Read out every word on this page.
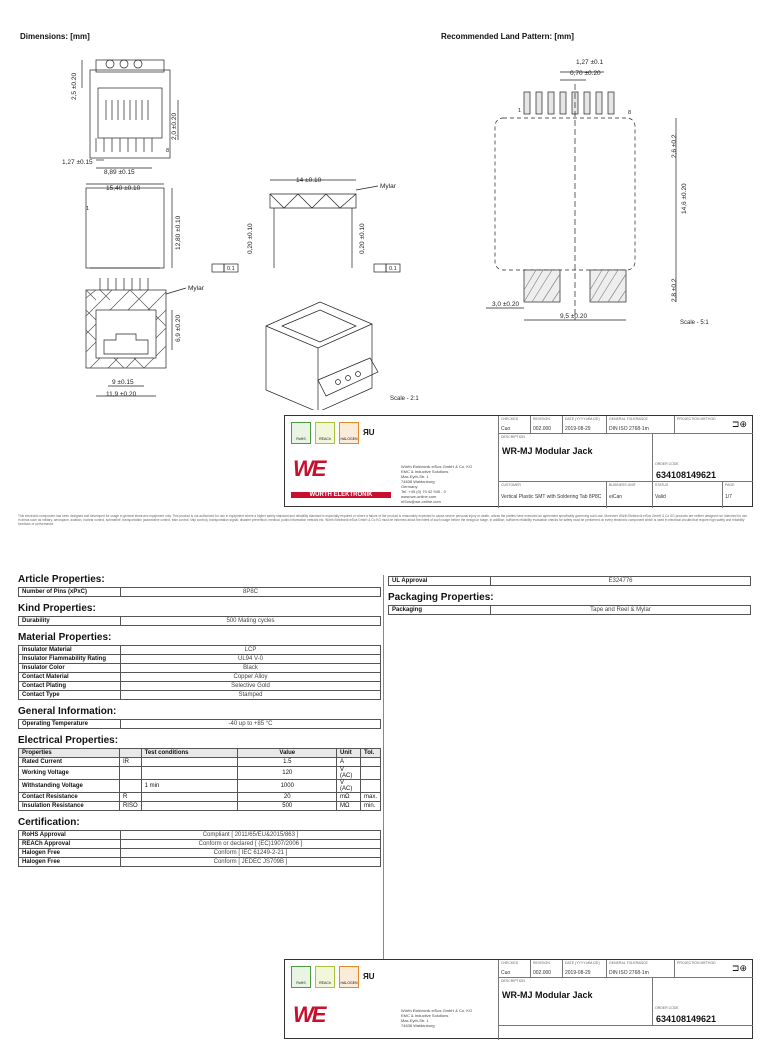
Dimensions: [mm]	Recommended Land Pattern: [mm]
2,5 ±0.20
2,0 ±0.20
1,27 ±0.15
8,89 ±0.15
1
8
15,40 ±0.10
12,80 ±0.10
14 ±0.10
0,20 ±0.10	0,20 ±0.10
0.1	0.1
Mylar
Mylar
6,9 ±0.20
9 ±0.15
11,9 ±0.20
Scale - 2:1
1,27 ±0.1
0,70 ±0.20
1	8
2,6 ±0.2
14,6 ±0.20
2,8 ±0.2
3,0 ±0.20
9,5 ±0.20
Scale - 5:1
RoHS	REACh	HALOGEN
ЯU
WE
WÜRTH ELEKTRONIK
Würth Elektronik eiSos GmbH & Co. KG
EMC & Inductive Solutions
Max-Eyth-Str. 1
74638 Waldenburg
Germany
Tel. +49 (0) 79 42 945 - 0
www.we-online.com
eiSos@we-online.com
CHECKED
Cuo
REVISION
002.000
DATE (YYYY-MM-DD)
2019-08-29
GENERAL TOLERANCE
DIN ISO 2768-1m
PROJECTION METHOD ⊐⊕
DESCRIPTION
WR-MJ Modular Jack
ORDER CODE
634108149621
CUSTOMER
Vertical Plastic SMT with Soldering Tab 8P8C
BUSINESS UNIT
eiCan
STATUS
Valid
PAGE
1/7
This electronic component has been designed and developed for usage in general electronic equipment only. This product is not authorized for use in equipment where a higher safety standard and reliability standard is especially required or where a failure of the product is reasonably expected to cause severe personal injury or death, unless the parties have executed an agreement specifically governing such use. Moreover Würth Elektronik eiSos GmbH & Co KG products are neither designed nor intended for use in areas such as military, aerospace, aviation, nuclear control, submarine, transportation (automotive control, train control, ship control), transportation signal, disaster prevention, medical, public information network etc. Würth Elektronik eiSos GmbH & Co KG must be informed about the intent of such usage before the design-in stage. In addition, sufficient reliability evaluation checks for safety must be performed on every electronic component which is used in electrical circuits that require high safety and reliability functions or performance.
Article Properties:
Number of Pins (xPxC)	8P8C
Kind Properties:
Durability	500 Mating cycles
Material Properties:
Insulator Material	LCP
Insulator Flammability Rating	UL94 V-0
Insulator Color	Black
Contact Material	Copper Alloy
Contact Plating	Selective Gold
Contact Type	Stamped
General Information:
Operating Temperature	-40 up to +85 °C
Electrical Properties:
Properties		Test conditions	Value	Unit	Tol.
Rated Current	IR		1.5	A	
Working Voltage			120	V (AC)	
Withstanding Voltage		1 min	1000	V (AC)	
Contact Resistance	R		20	mΩ	max.
Insulation Resistance	RISO		500	MΩ	min.
Certification:
RoHS Approval	Compliant [ 2011/65/EU&2015/863 ]
REACh Approval	Conform or declared [ (EC)1907/2006 ]
Halogen Free	Conform [ IEC 61249-2-21 ]
Halogen Free	Conform [ JEDEC JS709B ]
UL Approval	E324776
Packaging Properties:
Packaging	Tape and Reel & Mylar
RoHS	REACh	HALOGEN
ЯU
WE	Würth Elektronik eiSos GmbH & Co. KG
EMC & Inductive Solutions
Max-Eyth-Str. 1
74638 Waldenburg
CHECKED
Cuo
REVISION
002.000
DATE (YYYY-MM-DD)
2019-08-29
GENERAL TOLERANCE
DIN ISO 2768-1m
PROJECTION METHOD ⊐⊕
DESCRIPTION
WR-MJ Modular Jack
ORDER CODE
634108149621
